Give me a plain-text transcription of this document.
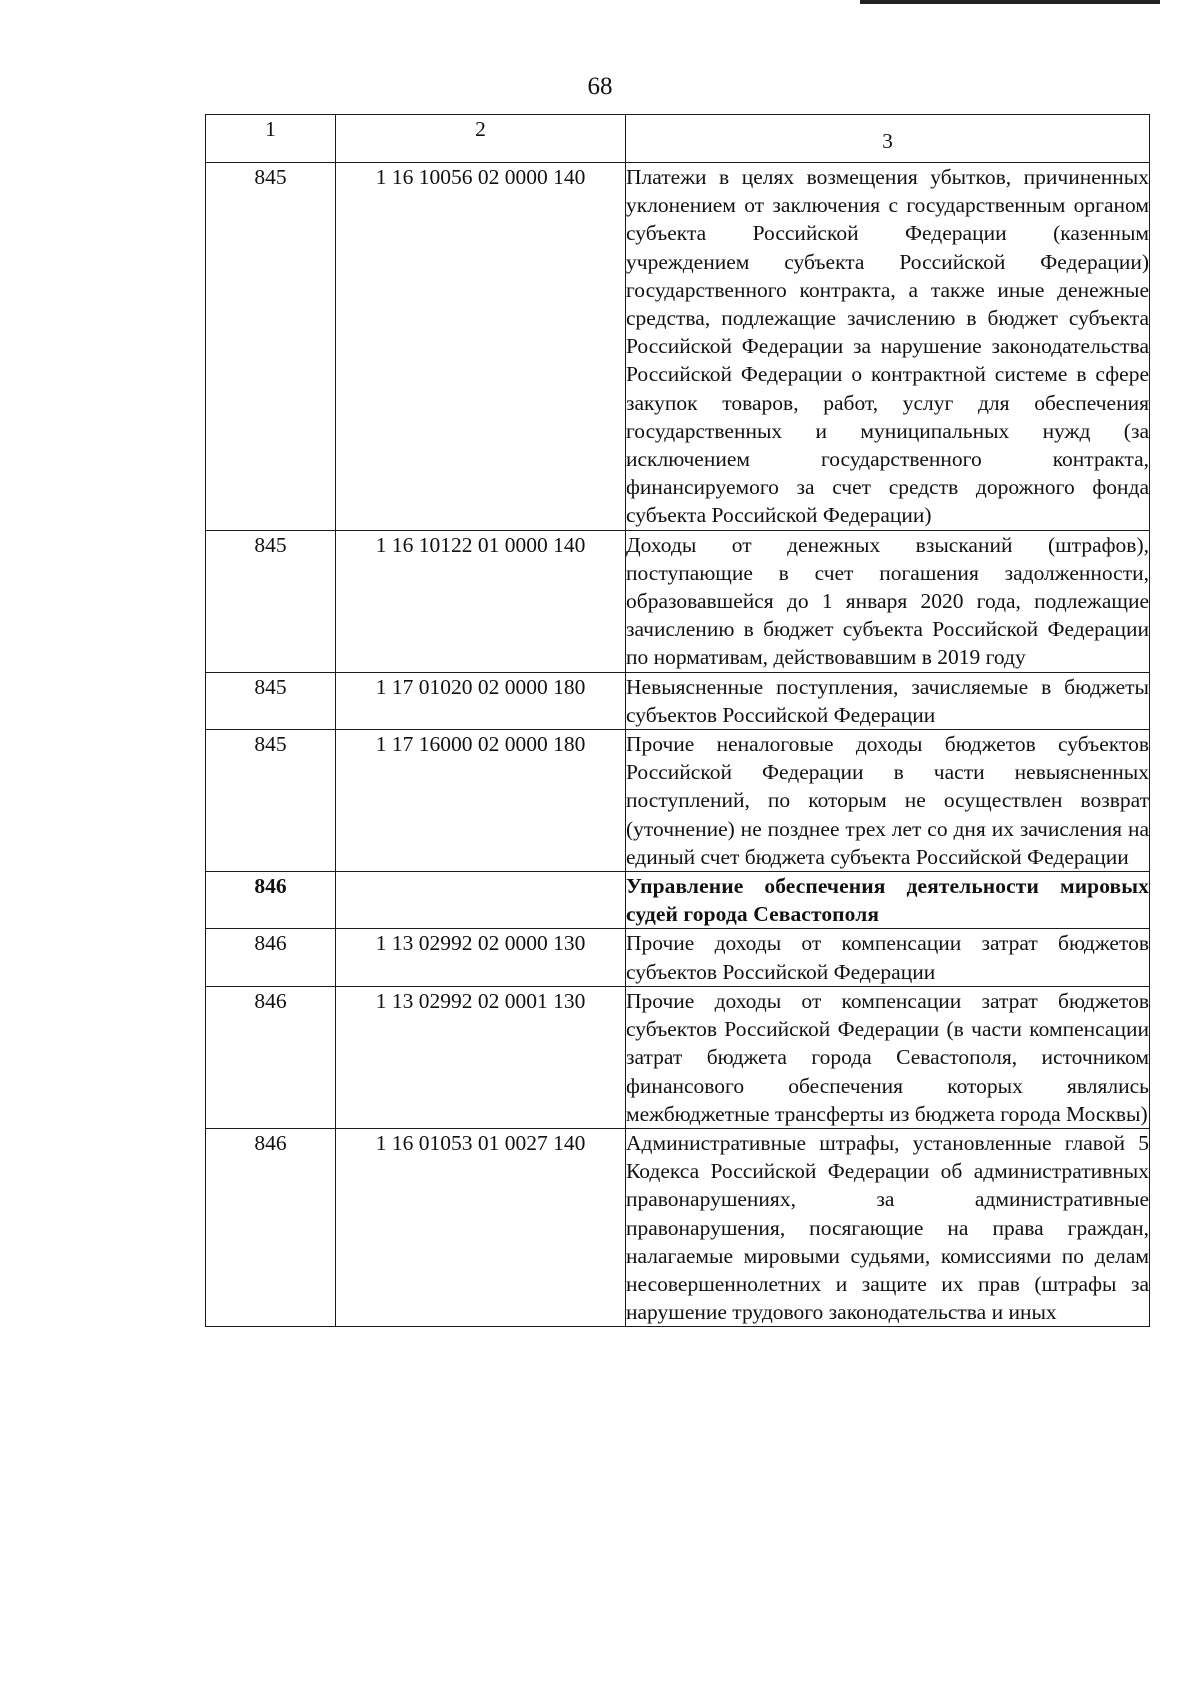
68
1	2	3
845	1 16 10056 02 0000 140	Платежи в целях возмещения убытков, причиненных уклонением от заключения с государственным органом субъекта Российской Федерации (казенным учреждением субъекта Российской Федерации) государственного контракта, а также иные денежные средства, подлежащие зачислению в бюджет субъекта Российской Федерации за нарушение законодательства Российской Федерации о контрактной системе в сфере закупок товаров, работ, услуг для обеспечения государственных и муниципальных нужд (за исключением государственного контракта, финансируемого за счет средств дорожного фонда субъекта Российской Федерации)
845	1 16 10122 01 0000 140	Доходы от денежных взысканий (штрафов), поступающие в счет погашения задолженности, образовавшейся до 1 января 2020 года, подлежащие зачислению в бюджет субъекта Российской Федерации по нормативам, действовавшим в 2019 году
845	1 17 01020 02 0000 180	Невыясненные поступления, зачисляемые в бюджеты субъектов Российской Федерации
845	1 17 16000 02 0000 180	Прочие неналоговые доходы бюджетов субъектов Российской Федерации в части невыясненных поступлений, по которым не осуществлен возврат (уточнение) не позднее трех лет со дня их зачисления на единый счет бюджета субъекта Российской Федерации
846		Управление обеспечения деятельности мировых судей города Севастополя
846	1 13 02992 02 0000 130	Прочие доходы от компенсации затрат бюджетов субъектов Российской Федерации
846	1 13 02992 02 0001 130	Прочие доходы от компенсации затрат бюджетов субъектов Российской Федерации (в части компенсации затрат бюджета города Севастополя, источником финансового обеспечения которых являлись межбюджетные трансферты из бюджета города Москвы)
846	1 16 01053 01 0027 140	Административные штрафы, установленные главой 5 Кодекса Российской Федерации об административных правонарушениях, за административные правонарушения, посягающие на права граждан, налагаемые мировыми судьями, комиссиями по делам несовершеннолетних и защите их прав (штрафы за нарушение трудового законодательства и иных
